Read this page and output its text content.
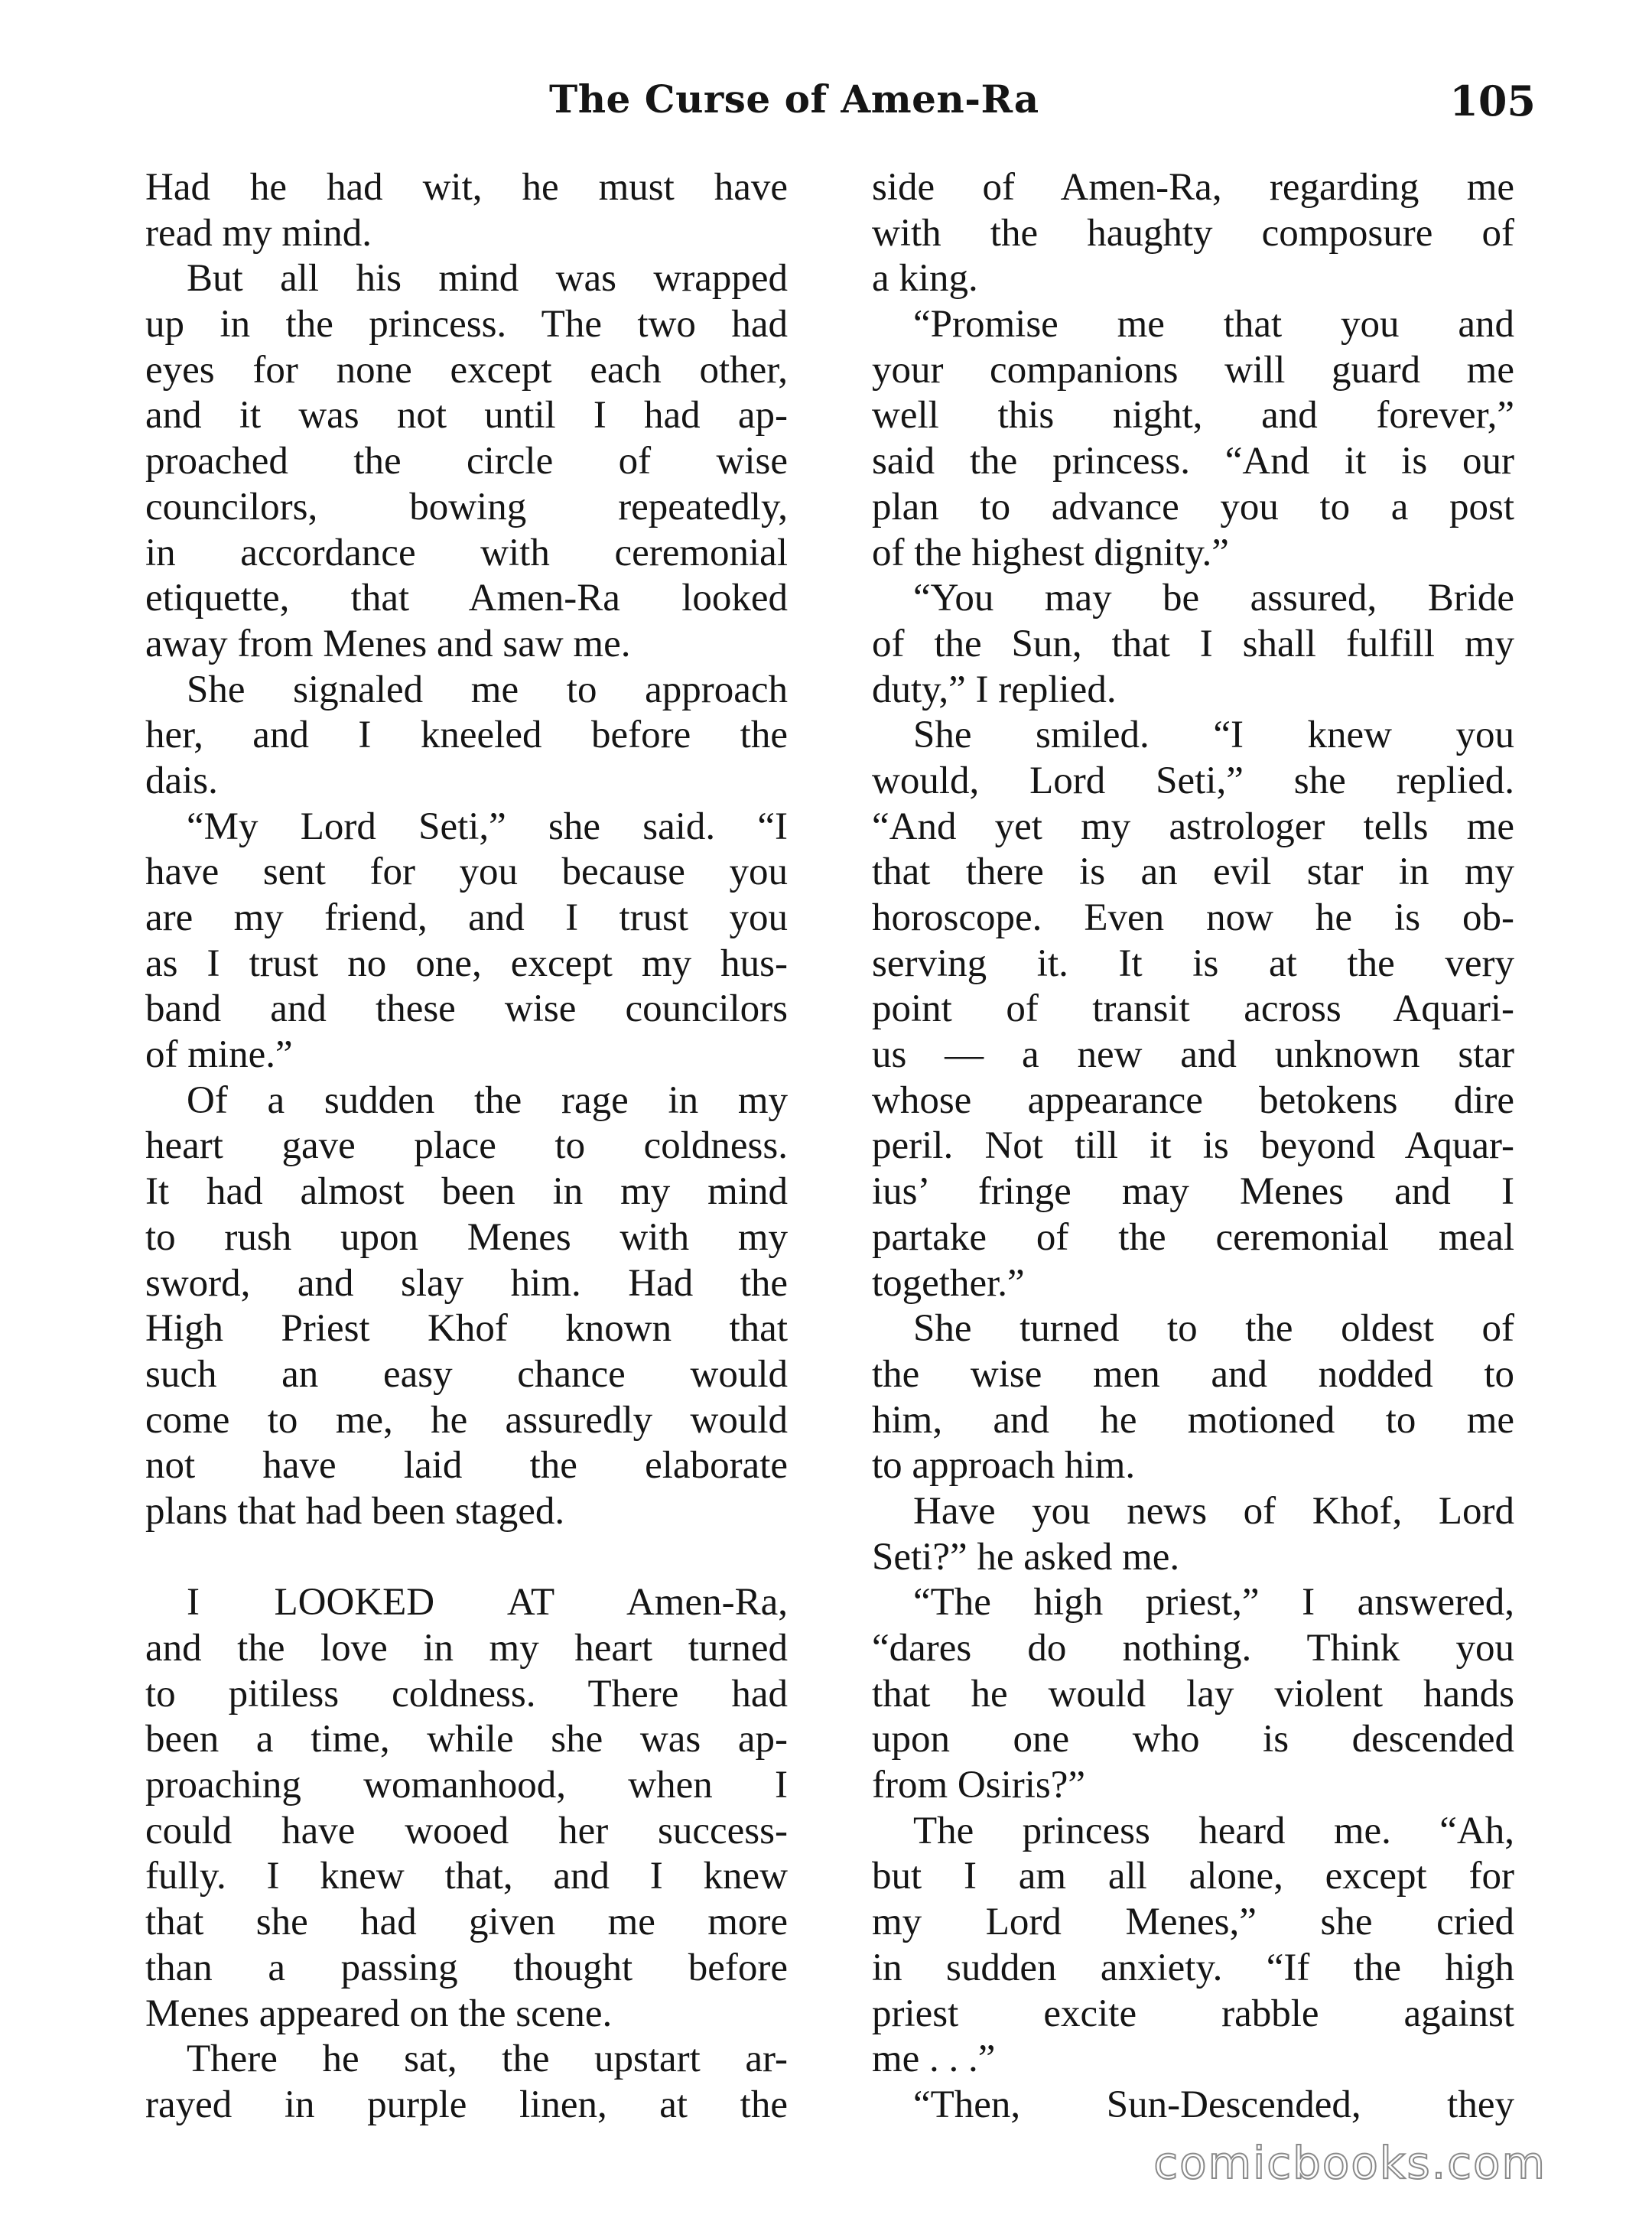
The Curse of Amen-Ra	105
Had he had wit, he must have
read my mind.
But all his mind was wrapped
up in the princess. The two had
eyes for none except each other,
and it was not until I had ap-
proached the circle of wise
councilors, bowing repeatedly,
in accordance with ceremonial
etiquette, that Amen-Ra looked
away from Menes and saw me.
She signaled me to approach
her, and I kneeled before the
dais.
“My Lord Seti,” she said. “I
have sent for you because you
are my friend, and I trust you
as I trust no one, except my hus-
band and these wise councilors
of mine.”
Of a sudden the rage in my
heart gave place to coldness.
It had almost been in my mind
to rush upon Menes with my
sword, and slay him. Had the
High Priest Khof known that
such an easy chance would
come to me, he assuredly would
not have laid the elaborate
plans that had been staged.
I LOOKED AT Amen-Ra,
and the love in my heart turned
to pitiless coldness. There had
been a time, while she was ap-
proaching womanhood, when I
could have wooed her success-
fully. I knew that, and I knew
that she had given me more
than a passing thought before
Menes appeared on the scene.
There he sat, the upstart ar-
rayed in purple linen, at the
side of Amen-Ra, regarding me
with the haughty composure of
a king.
“Promise me that you and
your companions will guard me
well this night, and forever,”
said the princess. “And it is our
plan to advance you to a post
of the highest dignity.”
“You may be assured, Bride
of the Sun, that I shall fulfill my
duty,” I replied.
She smiled. “I knew you
would, Lord Seti,” she replied.
“And yet my astrologer tells me
that there is an evil star in my
horoscope. Even now he is ob-
serving it. It is at the very
point of transit across Aquari-
us — a new and unknown star
whose appearance betokens dire
peril. Not till it is beyond Aquar-
ius’ fringe may Menes and I
partake of the ceremonial meal
together.”
She turned to the oldest of
the wise men and nodded to
him, and he motioned to me
to approach him.
Have you news of Khof, Lord
Seti?” he asked me.
“The high priest,” I answered,
“dares do nothing. Think you
that he would lay violent hands
upon one who is descended
from Osiris?”
The princess heard me. “Ah,
but I am all alone, except for
my Lord Menes,” she cried
in sudden anxiety. “If the high
priest excite rabble against
me . . .”
“Then, Sun-Descended, they
comicbooks.com
